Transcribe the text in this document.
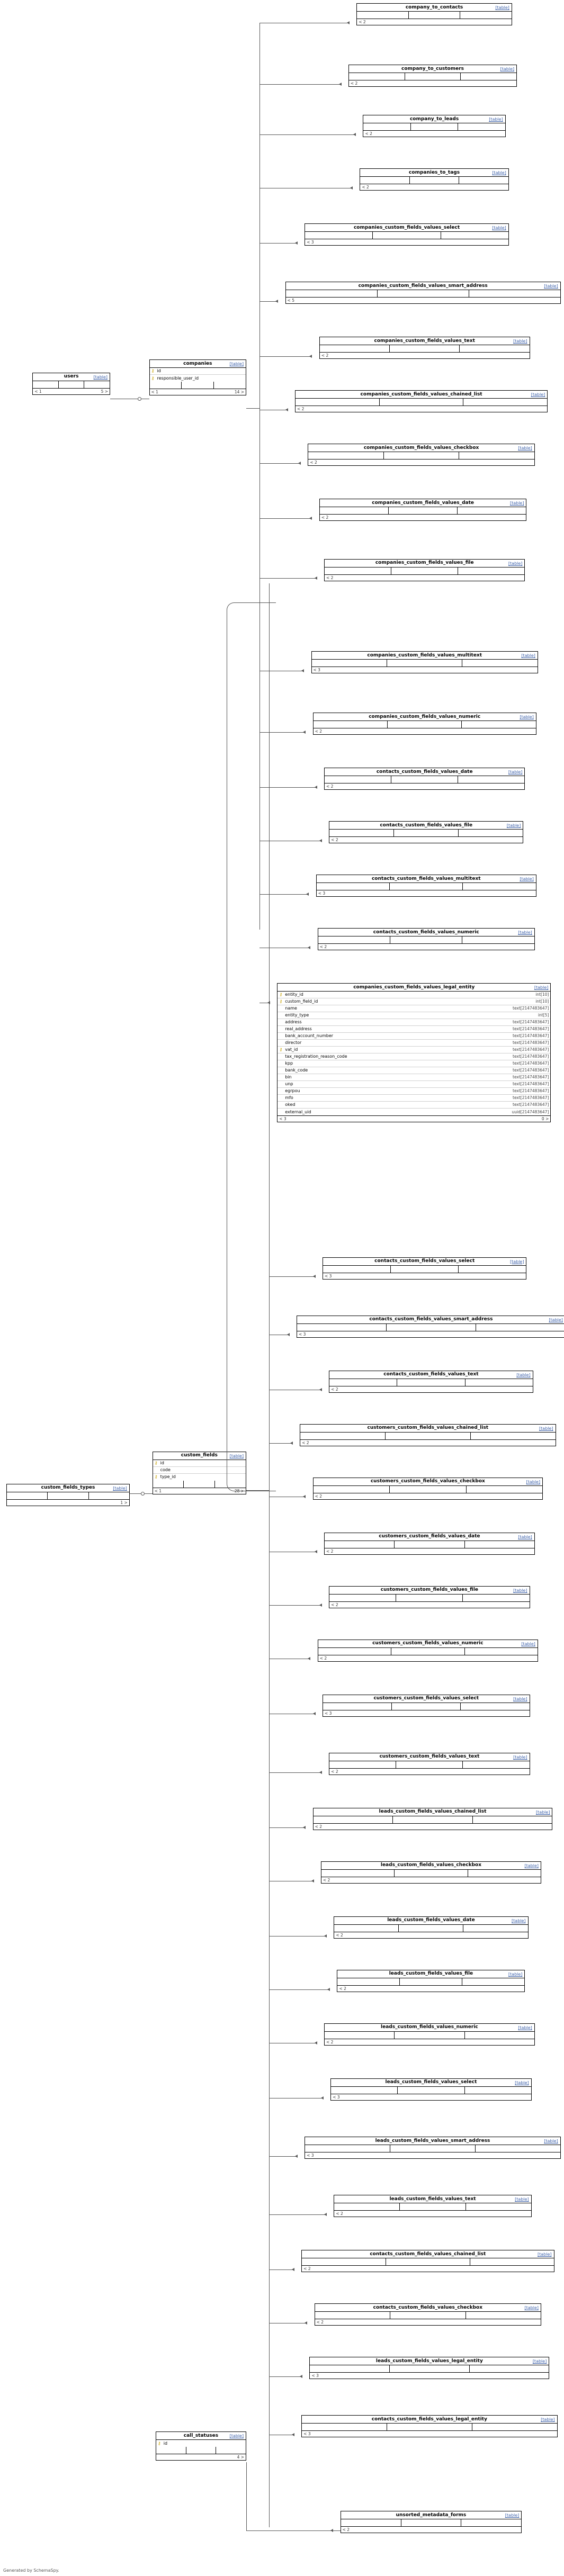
company_to_contacts	[table]
< 2
company_to_customers	[table]
< 2
company_to_leads	[table]
< 2
companies_to_tags	[table]
< 2
companies_custom_fields_values_select	[table]
< 3
companies_custom_fields_values_smart_address	[table]
< 5
companies_custom_fields_values_text	[table]
< 2
companies_custom_fields_values_chained_list	[table]
< 2
companies_custom_fields_values_checkbox	[table]
< 2
companies_custom_fields_values_date	[table]
< 2
companies_custom_fields_values_file	[table]
< 2
companies_custom_fields_values_multitext	[table]
< 3
companies_custom_fields_values_numeric	[table]
< 2
contacts_custom_fields_values_date	[table]
< 2
contacts_custom_fields_values_file	[table]
< 2
contacts_custom_fields_values_multitext	[table]
< 3
contacts_custom_fields_values_numeric	[table]
< 2
contacts_custom_fields_values_select	[table]
< 3
contacts_custom_fields_values_smart_address	[table]
< 3
contacts_custom_fields_values_text	[table]
< 2
customers_custom_fields_values_chained_list	[table]
< 2
customers_custom_fields_values_checkbox	[table]
< 2
customers_custom_fields_values_date	[table]
< 2
customers_custom_fields_values_file	[table]
< 2
customers_custom_fields_values_numeric	[table]
< 2
customers_custom_fields_values_select	[table]
< 3
customers_custom_fields_values_text	[table]
< 2
leads_custom_fields_values_chained_list	[table]
< 2
leads_custom_fields_values_checkbox	[table]
< 2
leads_custom_fields_values_date	[table]
< 2
leads_custom_fields_values_file	[table]
< 2
leads_custom_fields_values_numeric	[table]
< 2
leads_custom_fields_values_select	[table]
< 3
leads_custom_fields_values_smart_address	[table]
< 3
leads_custom_fields_values_text	[table]
< 2
contacts_custom_fields_values_chained_list	[table]
< 2
contacts_custom_fields_values_checkbox	[table]
< 2
leads_custom_fields_values_legal_entity	[table]
< 3
contacts_custom_fields_values_legal_entity	[table]
< 3
unsorted_metadata_forms	[table]
< 2
companies_custom_fields_values_legal_entity	[table]
⚷ entity_id	int[10]
⚷ custom_field_id	int[10]
name	text[2147483647]
entity_type	int[5]
address	text[2147483647]
real_address	text[2147483647]
bank_account_number	text[2147483647]
director	text[2147483647]
⚷ vat_id	text[2147483647]
tax_registration_reason_code	text[2147483647]
kpp	text[2147483647]
bank_code	text[2147483647]
bin	text[2147483647]
unp	text[2147483647]
egrpou	text[2147483647]
mfo	text[2147483647]
oked	text[2147483647]
external_uid	uuid[2147483647]
< 3	0 >
users	[table]
< 1	5 >
companies	[table]
⚷ id
⚷ responsible_user_id
< 1	14 >
custom_fields	[table]
⚷ id
code
⚷ type_id
< 1	28 >
custom_fields_types	[table]
1 >
call_statuses	[table]
⚷ id
4 >
Generated by SchemaSpy.
